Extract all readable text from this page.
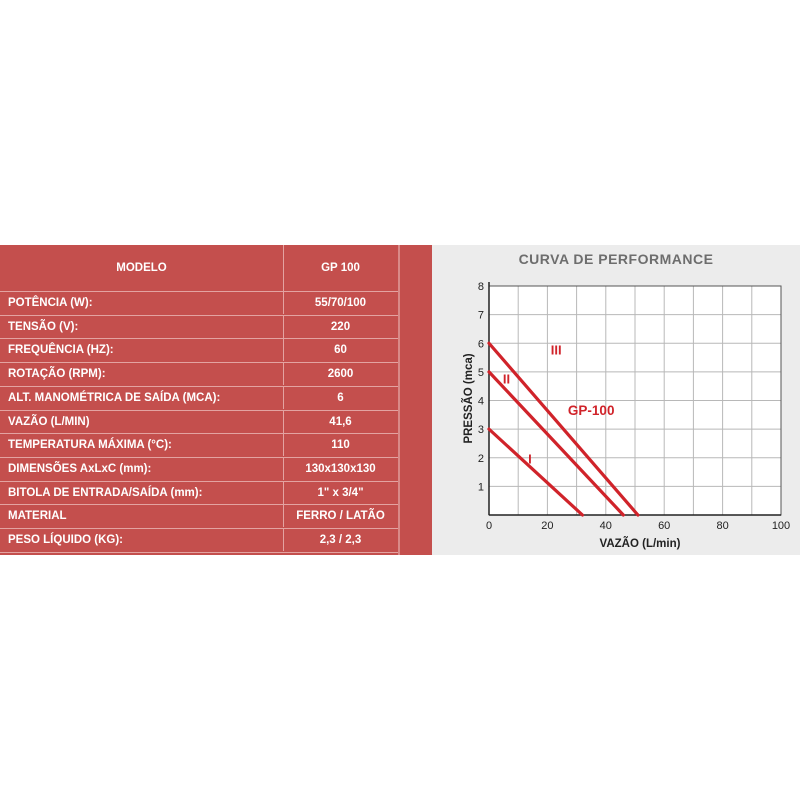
MODELO	GP 100
POTÊNCIA (W):	55/70/100
TENSÃO (V):	220
FREQUÊNCIA (HZ):	60
ROTAÇÃO (RPM):	2600
ALT. MANOMÉTRICA DE SAÍDA (MCA):	6
VAZÃO (L/MIN)	41,6
TEMPERATURA MÁXIMA (°C):	110
DIMENSÕES AxLxC (mm):	130x130x130
BITOLA DE ENTRADA/SAÍDA (mm):	1" x 3/4"
MATERIAL	FERRO / LATÃO
PESO LÍQUIDO (KG):	2,3 / 2,3
CURVA DE PERFORMANCE
0	20	40	60	80	100
1
2
3
4
5
6
7
8
VAZÃO (L/min)
PRESSÃO (mca)
III
II
I
GP-100
